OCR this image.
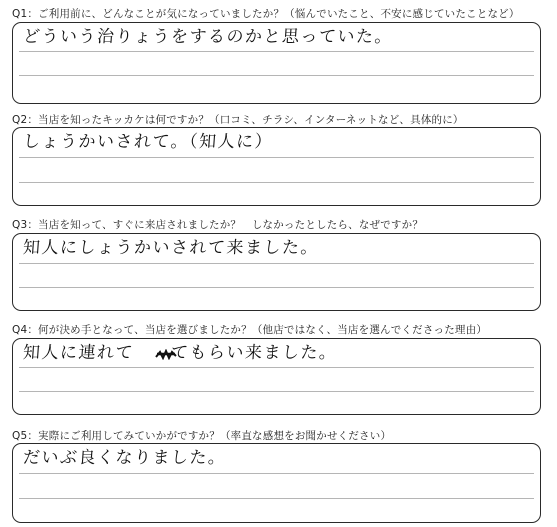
Q1：ご利用前に、どんなことが気になっていましたか？（悩んでいたこと、不安に感じていたことなど）
どういう治りょうをするのかと思っていた。
Q2：当店を知ったキッカケは何ですか？（口コミ、チラシ、インターネットなど、具体的に）
しょうかいされて。（知人に）
Q3：当店を知って、すぐに来店されましたか？　しなかったとしたら、なぜですか？
知人にしょうかいされて来ました。
Q4：何が決め手となって、当店を選びましたか？（他店ではなく、当店を選んでくださった理由）
知人に連れて　　てもらい来ました。
Q5：実際にご利用してみていかがですか？（率直な感想をお聞かせください）
だいぶ良くなりました。
